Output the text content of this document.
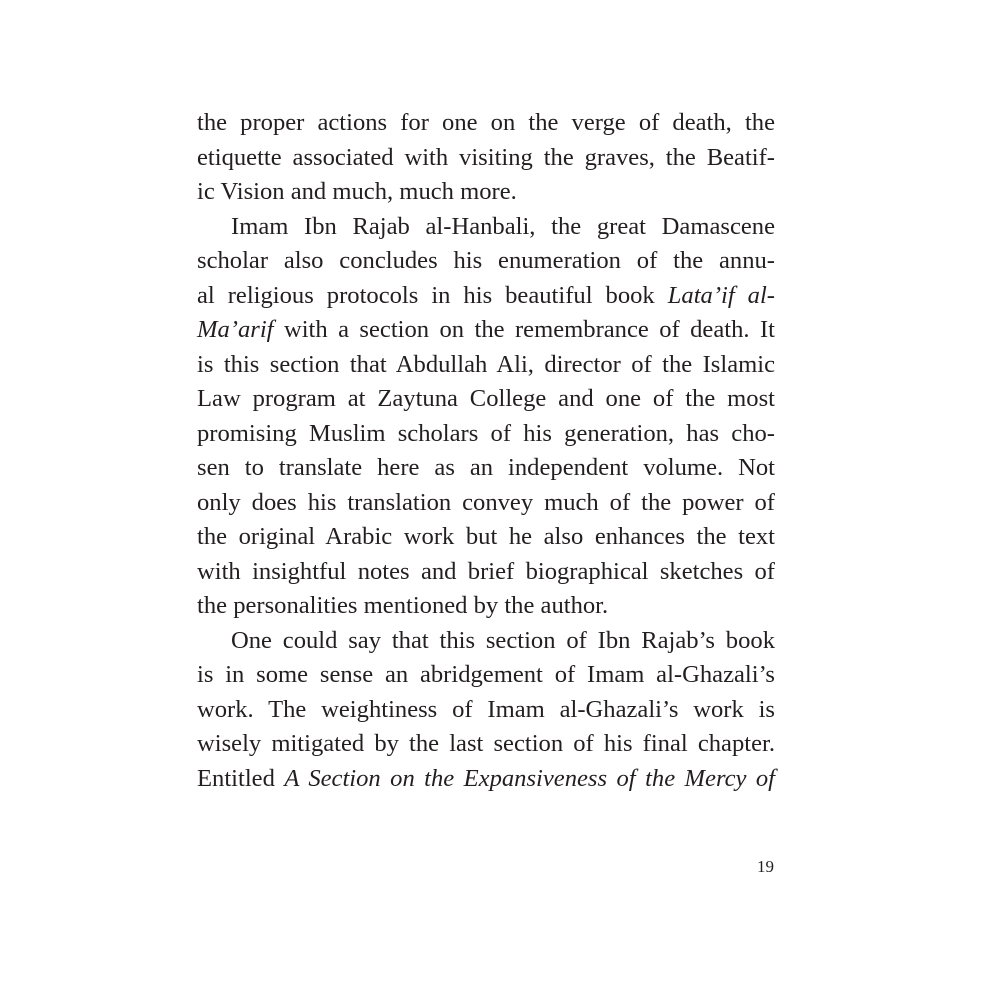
the proper actions for one on the verge of death, the
etiquette associated with visiting the graves, the Beatif-
ic Vision and much, much more.
Imam Ibn Rajab al-Hanbali, the great Damascene
scholar also concludes his enumeration of the annu-
al religious protocols in his beautiful book Lata’if al-
Ma’arif with a section on the remembrance of death. It
is this section that Abdullah Ali, director of the Islamic
Law program at Zaytuna College and one of the most
promising Muslim scholars of his generation, has cho-
sen to translate here as an independent volume. Not
only does his translation convey much of the power of
the original Arabic work but he also enhances the text
with insightful notes and brief biographical sketches of
the personalities mentioned by the author.
One could say that this section of Ibn Rajab’s book
is in some sense an abridgement of Imam al-Ghazali’s
work. The weightiness of Imam al-Ghazali’s work is
wisely mitigated by the last section of his final chapter.
Entitled A Section on the Expansiveness of the Mercy of
19
